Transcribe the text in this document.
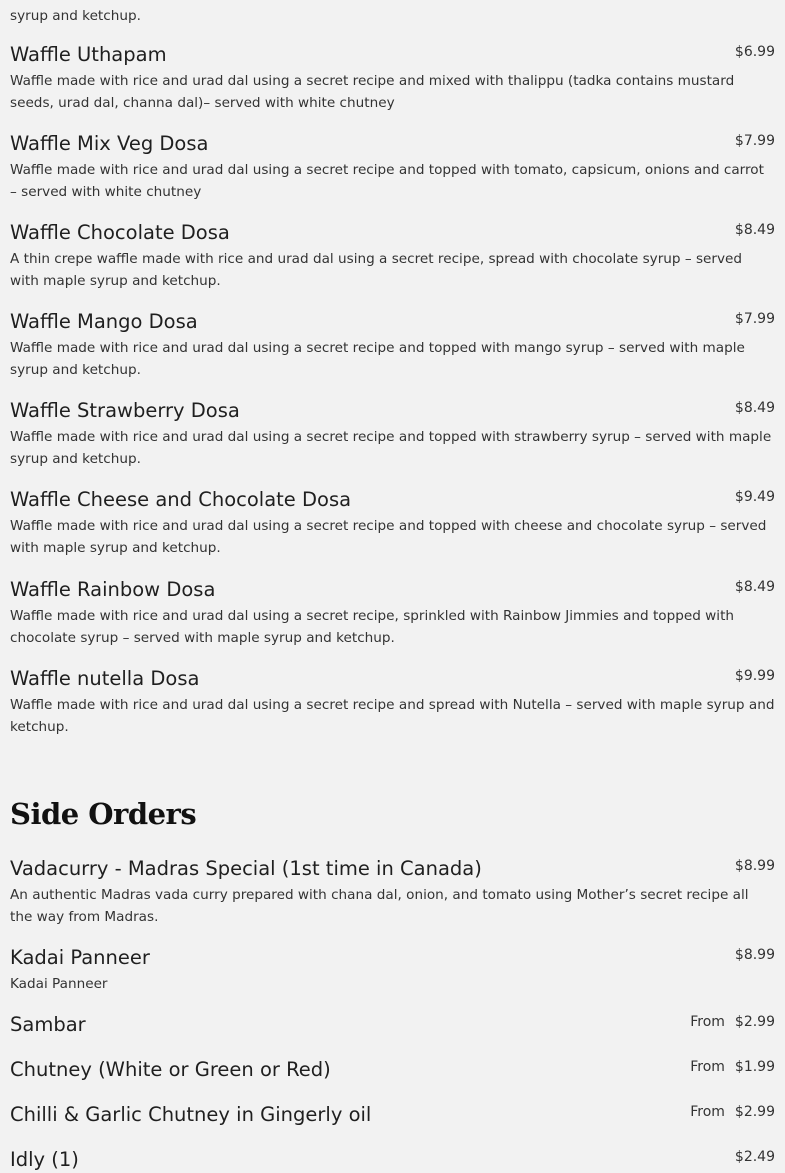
syrup and ketchup.
Waffle Uthapam	$6.99
Waffle made with rice and urad dal using a secret recipe and mixed with thalippu (tadka contains mustard seeds, urad dal, channa dal)– served with white chutney
Waffle Mix Veg Dosa	$7.99
Waffle made with rice and urad dal using a secret recipe and topped with tomato, capsicum, onions and carrot – served with white chutney
Waffle Chocolate Dosa	$8.49
A thin crepe waffle made with rice and urad dal using a secret recipe, spread with chocolate syrup – served with maple syrup and ketchup.
Waffle Mango Dosa	$7.99
Waffle made with rice and urad dal using a secret recipe and topped with mango syrup – served with maple syrup and ketchup.
Waffle Strawberry Dosa	$8.49
Waffle made with rice and urad dal using a secret recipe and topped with strawberry syrup – served with maple syrup and ketchup.
Waffle Cheese and Chocolate Dosa	$9.49
Waffle made with rice and urad dal using a secret recipe and topped with cheese and chocolate syrup – served with maple syrup and ketchup.
Waffle Rainbow Dosa	$8.49
Waffle made with rice and urad dal using a secret recipe, sprinkled with Rainbow Jimmies and topped with chocolate syrup – served with maple syrup and ketchup.
Waffle nutella Dosa	$9.99
Waffle made with rice and urad dal using a secret recipe and spread with Nutella – served with maple syrup and ketchup.
Side Orders
Vadacurry - Madras Special (1st time in Canada)	$8.99
An authentic Madras vada curry prepared with chana dal, onion, and tomato using Mother’s secret recipe all the way from Madras.
Kadai Panneer	$8.99
Kadai Panneer
Sambar	From $2.99
Chutney (White or Green or Red)	From $1.99
Chilli & Garlic Chutney in Gingerly oil	From $2.99
Idly (1)	$2.49
